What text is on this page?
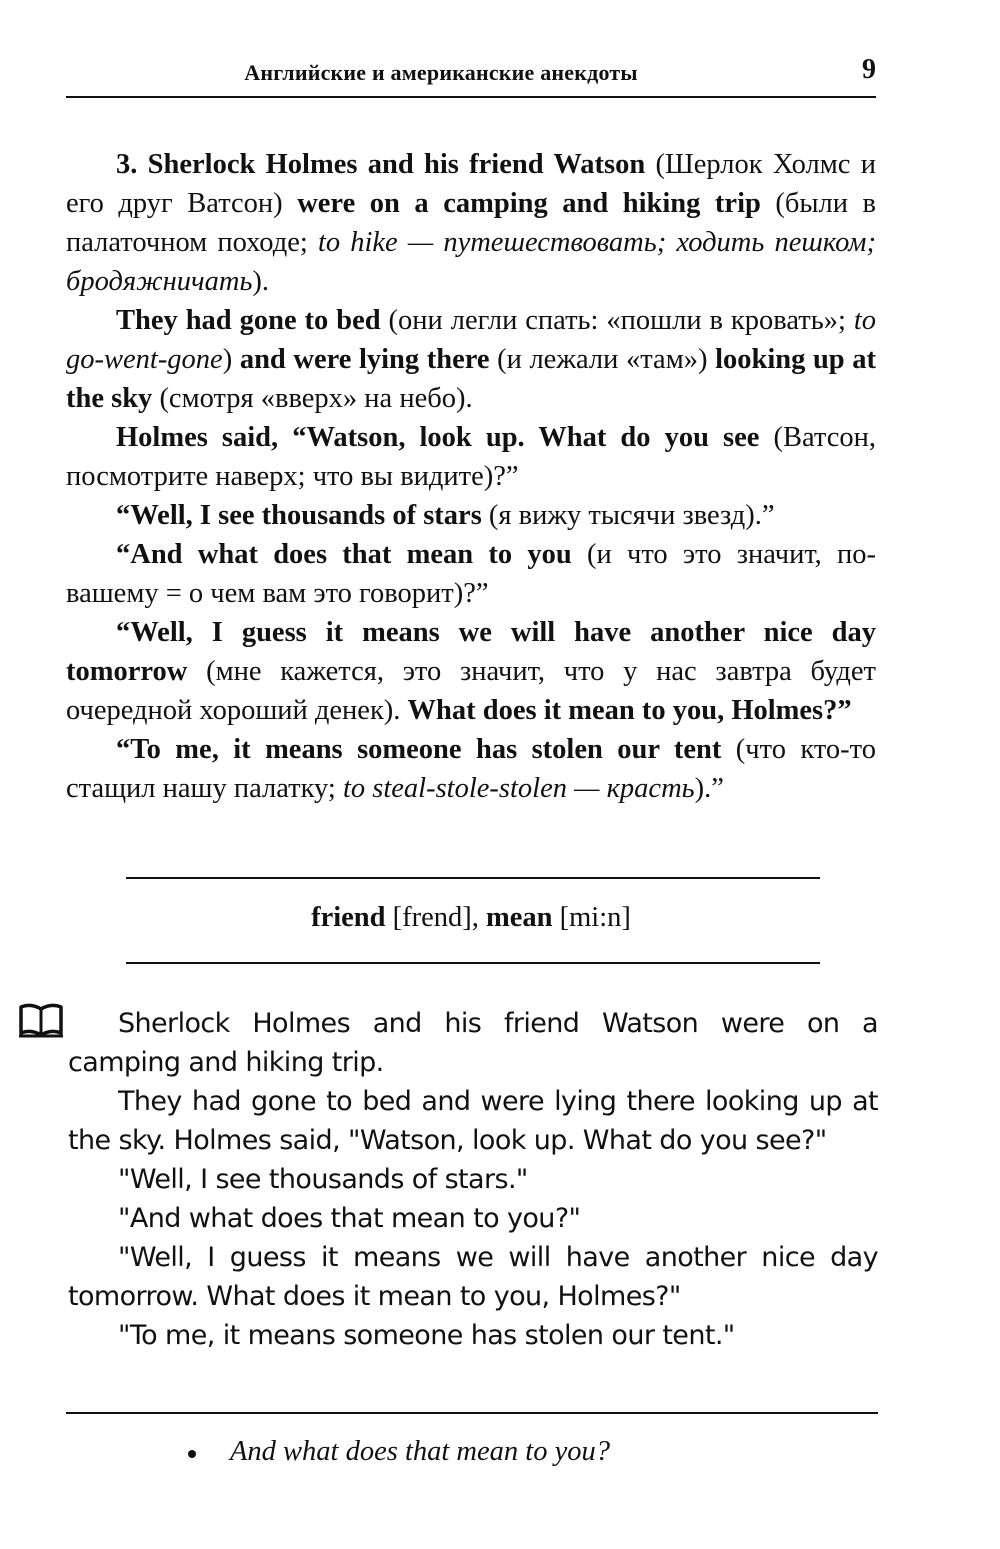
Английские и американские анекдоты	9

3. Sherlock Holmes and his friend Watson (Шерлок Холмс и его друг Ватсон) were on a camping and hiking trip (были в палаточном походе; to hike — путешествовать; ходить пешком; бродяжничать).

They had gone to bed (они легли спать: «пошли в кровать»; to go-went-gone) and were lying there (и лежали «там») looking up at the sky (смотря «вверх» на небо).

Holmes said, “Watson, look up. What do you see (Ватсон, посмотрите наверх; что вы видите)?”

“Well, I see thousands of stars (я вижу тысячи звезд).”

“And what does that mean to you (и что это значит, по-вашему = о чем вам это говорит)?”

“Well, I guess it means we will have another nice day tomorrow (мне кажется, это значит, что у нас завтра будет очередной хороший денек). What does it mean to you, Holmes?”

“To me, it means someone has stolen our tent (что кто-то стащил нашу палатку; to steal-stole-stolen — красть).”

friend [frend], mean [mi:n]

Sherlock Holmes and his friend Watson were on a camping and hiking trip.

They had gone to bed and were lying there looking up at the sky. Holmes said, "Watson, look up. What do you see?"

"Well, I see thousands of stars."

"And what does that mean to you?"

"Well, I guess it means we will have another nice day tomorrow. What does it mean to you, Holmes?"

"To me, it means someone has stolen our tent."

And what does that mean to you?
